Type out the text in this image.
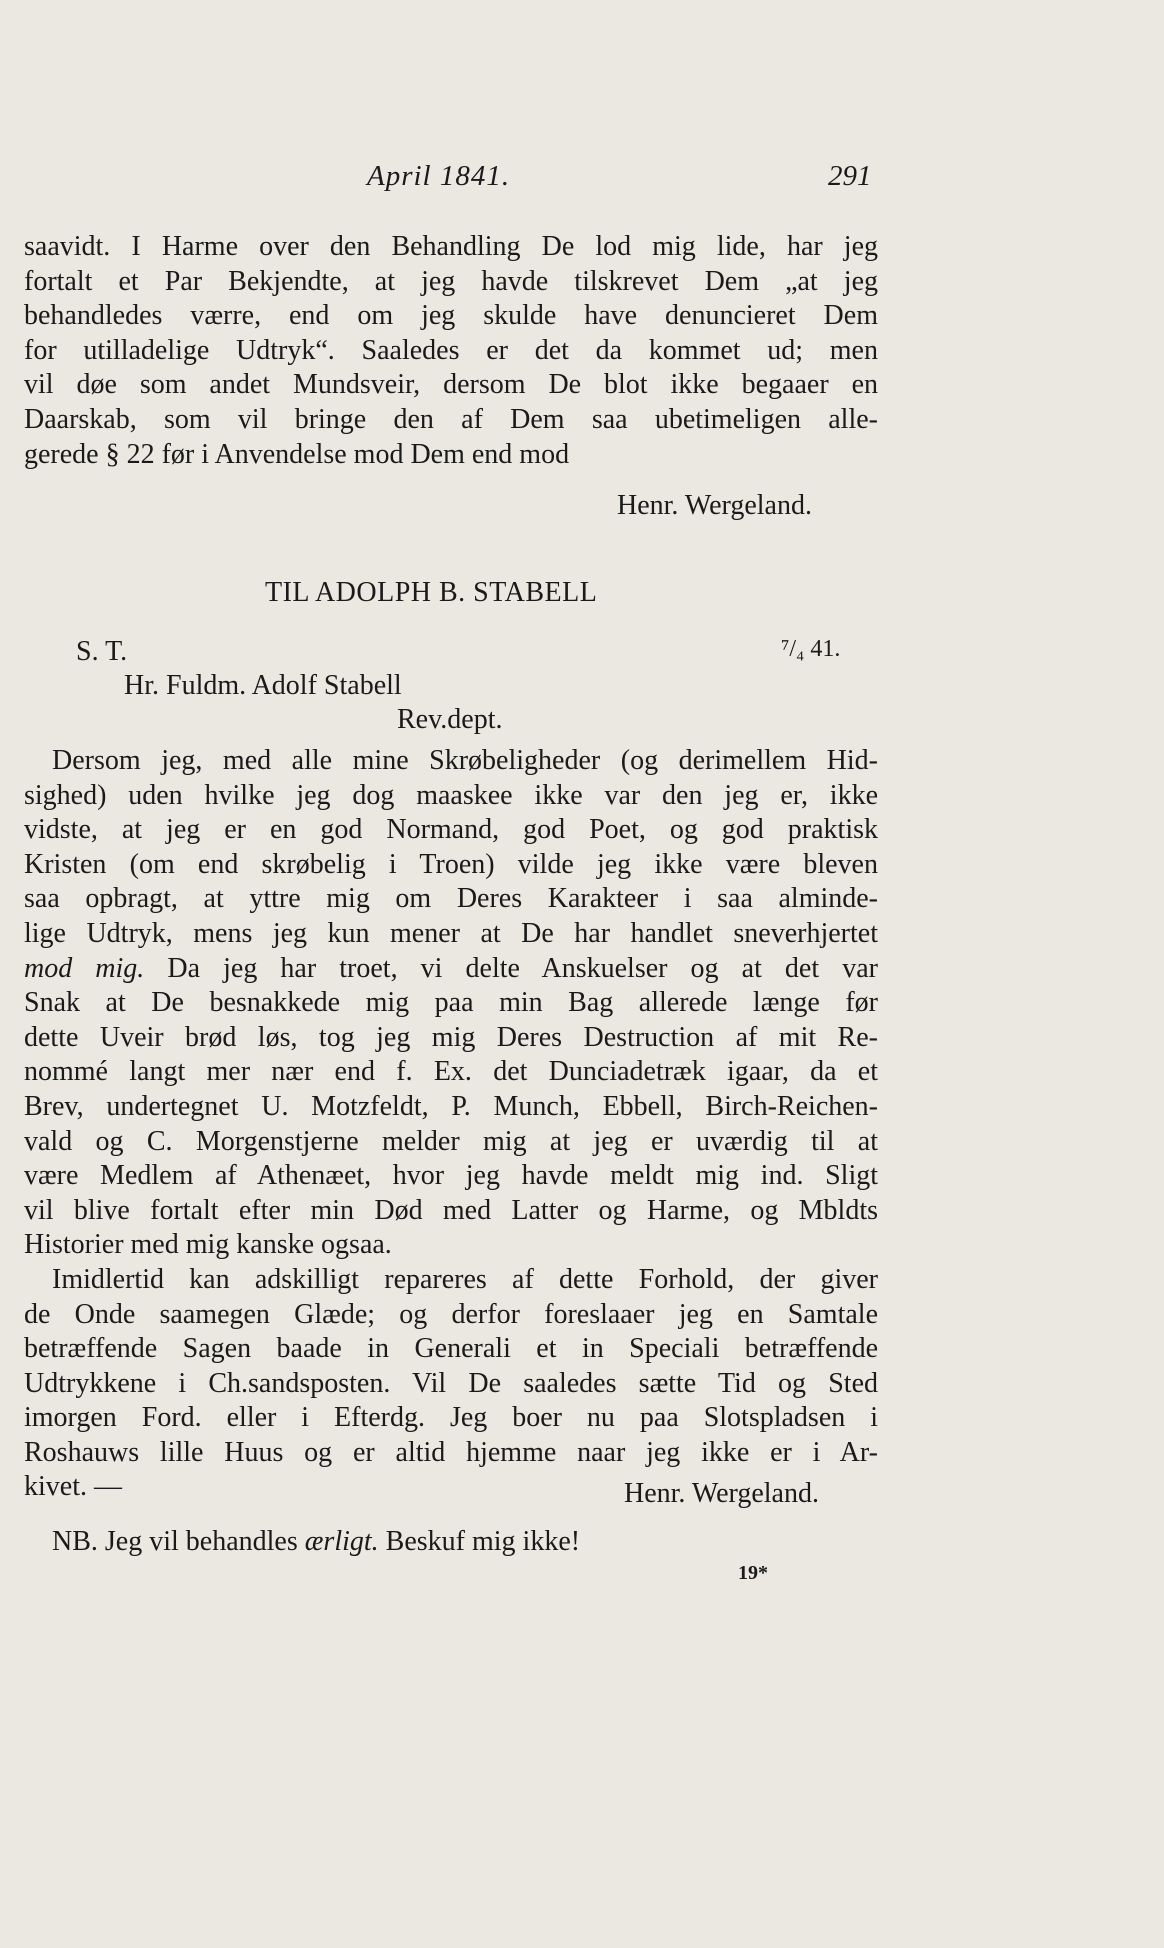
April 1841.	291
saavidt. I Harme over den Behandling De lod mig lide, har jeg
fortalt et Par Bekjendte, at jeg havde tilskrevet Dem „at jeg
behandledes værre, end om jeg skulde have denuncieret Dem
for utilladelige Udtryk“. Saaledes er det da kommet ud; men
vil døe som andet Mundsveir, dersom De blot ikke begaaer en
Daarskab, som vil bringe den af Dem saa ubetimeligen alle-
gerede § 22 før i Anvendelse mod Dem end mod
Henr. Wergeland.
TIL ADOLPH B. STABELL
S. T.	⁷/₄ 41.
Hr. Fuldm. Adolf Stabell
Rev.dept.
Dersom jeg, med alle mine Skrøbeligheder (og derimellem Hid-
sighed) uden hvilke jeg dog maaskee ikke var den jeg er, ikke
vidste, at jeg er en god Normand, god Poet, og god praktisk
Kristen (om end skrøbelig i Troen) vilde jeg ikke være bleven
saa opbragt, at yttre mig om Deres Karakteer i saa alminde-
lige Udtryk, mens jeg kun mener at De har handlet sneverhjertet
mod mig. Da jeg har troet, vi delte Anskuelser og at det var
Snak at De besnakkede mig paa min Bag allerede længe før
dette Uveir brød løs, tog jeg mig Deres Destruction af mit Re-
nommé langt mer nær end f. Ex. det Dunciadetræk igaar, da et
Brev, undertegnet U. Motzfeldt, P. Munch, Ebbell, Birch-Reichen-
vald og C. Morgenstjerne melder mig at jeg er uværdig til at
være Medlem af Athenæet, hvor jeg havde meldt mig ind. Sligt
vil blive fortalt efter min Død med Latter og Harme, og Mbldts
Historier med mig kanske ogsaa.
Imidlertid kan adskilligt repareres af dette Forhold, der giver
de Onde saamegen Glæde; og derfor foreslaaer jeg en Samtale
betræffende Sagen baade in Generali et in Speciali betræffende
Udtrykkene i Ch.sandsposten. Vil De saaledes sætte Tid og Sted
imorgen Ford. eller i Efterdg. Jeg boer nu paa Slotspladsen i
Roshauws lille Huus og er altid hjemme naar jeg ikke er i Ar-
kivet. —	Henr. Wergeland.
NB. Jeg vil behandles ærligt. Beskuf mig ikke!
19*
